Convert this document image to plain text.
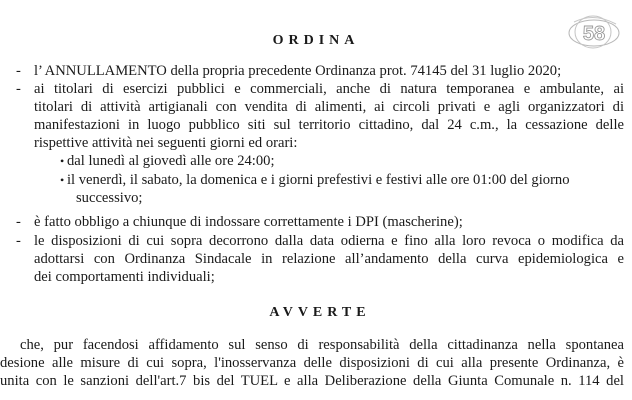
58
ORDINA
- l’ ANNULLAMENTO della propria precedente Ordinanza prot. 74145 del 31 luglio 2020;
- ai titolari di esercizi pubblici e commerciali, anche di natura temporanea e ambulante, ai
titolari di attività artigianali con vendita di alimenti, ai circoli privati e agli organizzatori di
manifestazioni in luogo pubblico siti sul territorio cittadino, dal 24 c.m., la cessazione delle
rispettive attività nei seguenti giorni ed orari:
• dal lunedì al giovedì alle ore 24:00;
• il venerdì, il sabato, la domenica e i giorni prefestivi e festivi alle ore 01:00 del giorno
successivo;
- è fatto obbligo a chiunque di indossare correttamente i DPI (mascherine);
- le disposizioni di cui sopra decorrono dalla data odierna e fino alla loro revoca o modifica da
adottarsi con Ordinanza Sindacale in relazione all’andamento della curva epidemiologica e
dei comportamenti individuali;
AVVERTE
che, pur facendosi affidamento sul senso di responsabilità della cittadinanza nella spontanea
desione alle misure di cui sopra, l'inosservanza delle disposizioni di cui alla presente Ordinanza, è
unita con le sanzioni dell'art.7 bis del TUEL e alla Deliberazione della Giunta Comunale n. 114 del
